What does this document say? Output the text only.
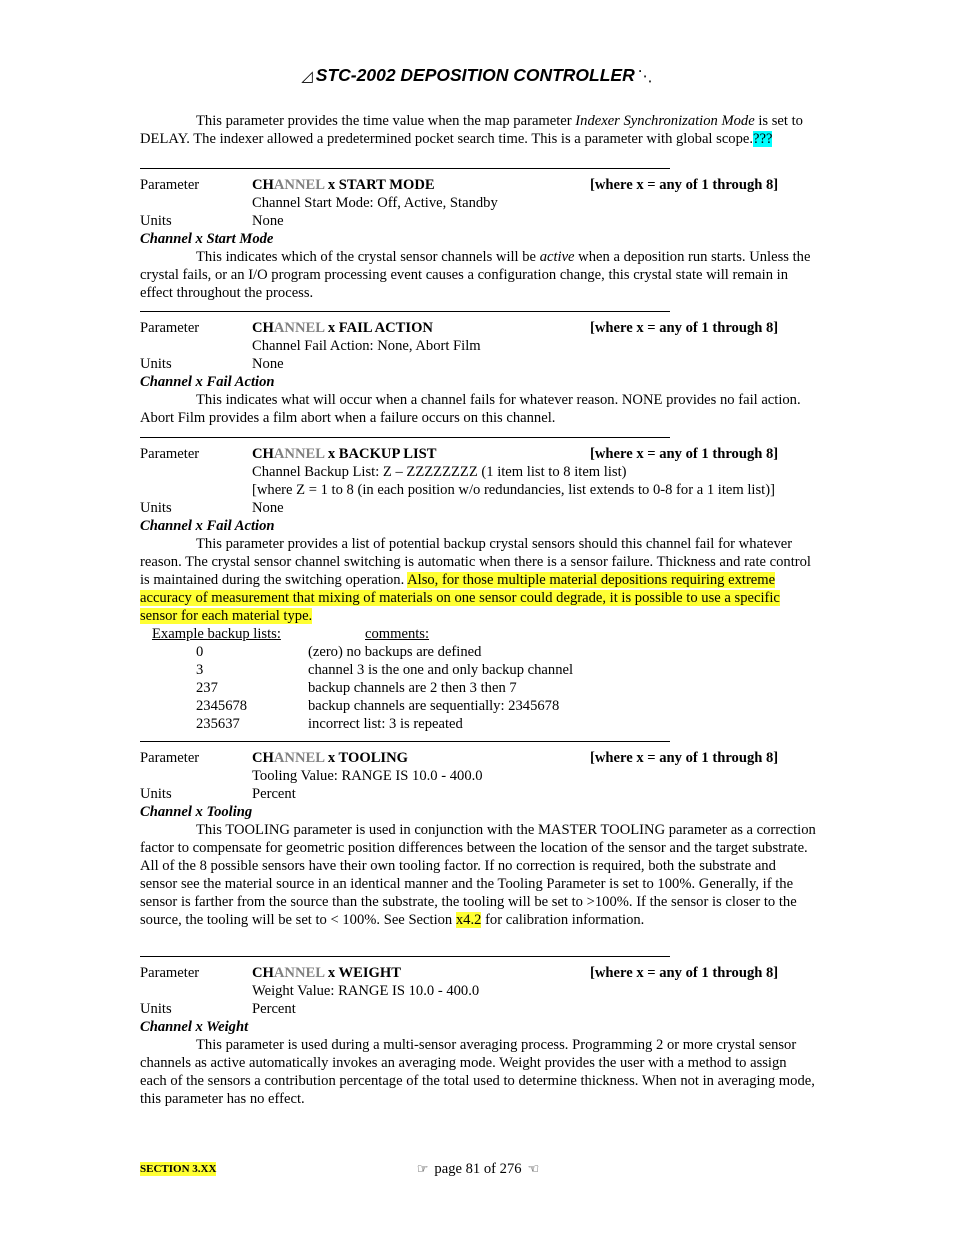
◿ STC-2002 DEPOSITION CONTROLLER ⋱

This parameter provides the time value when the map parameter Indexer Synchronization Mode is set to DELAY. The indexer allowed a predetermined pocket search time. This is a parameter with global scope.???

Parameter	CHANNEL x START MODE	[where x = any of 1 through 8]
Channel Start Mode: Off, Active, Standby
Units	None
Channel x Start Mode

This indicates which of the crystal sensor channels will be active when a deposition run starts. Unless the crystal fails, or an I/O program processing event causes a configuration change, this crystal state will remain in effect throughout the process.

Parameter	CHANNEL x FAIL ACTION	[where x = any of 1 through 8]
Channel Fail Action: None, Abort Film
Units	None
Channel x Fail Action

This indicates what will occur when a channel fails for whatever reason. NONE provides no fail action. Abort Film provides a film abort when a failure occurs on this channel.

Parameter	CHANNEL x BACKUP LIST	[where x = any of 1 through 8]
Channel Backup List: Z – ZZZZZZZZ (1 item list to 8 item list)
[where Z = 1 to 8 (in each position w/o redundancies, list extends to 0-8 for a 1 item list)]
Units	None
Channel x Fail Action

This parameter provides a list of potential backup crystal sensors should this channel fail for whatever reason. The crystal sensor channel switching is automatic when there is a sensor failure. Thickness and rate control is maintained during the switching operation. Also, for those multiple material depositions requiring extreme accuracy of measurement that mixing of materials on one sensor could degrade, it is possible to use a specific sensor for each material type.

Example backup lists:	comments:
0	(zero) no backups are defined
3	channel 3 is the one and only backup channel
237	backup channels are 2 then 3 then 7
2345678	backup channels are sequentially: 2345678
235637	incorrect list: 3 is repeated
Parameter	CHANNEL x TOOLING	[where x = any of 1 through 8]
Tooling Value: RANGE IS 10.0 - 400.0
Units	Percent
Channel x Tooling

This TOOLING parameter is used in conjunction with the MASTER TOOLING parameter as a correction factor to compensate for geometric position differences between the location of the sensor and the target substrate. All of the 8 possible sensors have their own tooling factor. If no correction is required, both the substrate and sensor see the material source in an identical manner and the Tooling Parameter is set to 100%. Generally, if the sensor is farther from the source than the substrate, the tooling will be set to >100%. If the sensor is closer to the source, the tooling will be set to < 100%. See Section x4.2 for calibration information.

Parameter	CHANNEL x WEIGHT	[where x = any of 1 through 8]
Weight Value: RANGE IS 10.0 - 400.0
Units	Percent
Channel x Weight

This parameter is used during a multi-sensor averaging process. Programming 2 or more crystal sensor channels as active automatically invokes an averaging mode. Weight provides the user with a method to assign each of the sensors a contribution percentage of the total used to determine thickness. When not in averaging mode, this parameter has no effect.

SECTION 3.XX	☞ page 81 of 276 ☜
